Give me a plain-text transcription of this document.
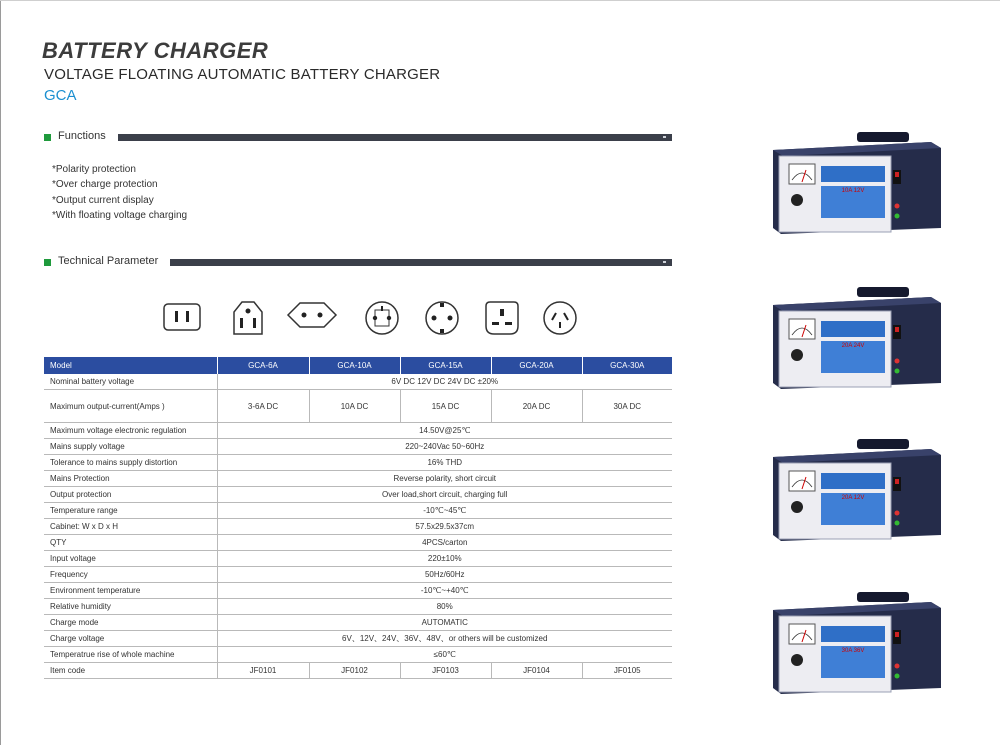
BATTERY CHARGER
VOLTAGE FLOATING AUTOMATIC BATTERY CHARGER
GCA
Functions
*Polarity protection
*Over charge protection
*Output current display
*With floating voltage charging
Technical Parameter
Model	GCA-6A	GCA-10A	GCA-15A	GCA-20A	GCA-30A
Nominal battery voltage	6V DC 12V DC 24V DC ±20%				
Maximum output-current(Amps )	3-6A DC	10A DC	15A DC	20A DC	30A DC
Maximum voltage electronic regulation	14.50V@25℃				
Mains supply voltage	220~240Vac 50~60Hz				
Tolerance to mains supply distortion	16% THD				
Mains Protection	Reverse polarity, short circuit				
Output protection	Over load,short circuit, charging full				
Temperature range	-10℃~45℃				
Cabinet: W x D x H	57.5x29.5x37cm				
QTY	4PCS/carton				
Input voltage	220±10%				
Frequency	50Hz/60Hz				
Environment temperature	-10℃~+40℃				
Relative humidity	80%				
Charge mode	AUTOMATIC				
Charge voltage	6V、12V、24V、36V、48V、or others will be customized				
Temperatrue rise of whole machine	≤60℃				
Item code	JF0101	JF0102	JF0103	JF0104	JF0105
10A 12V
20A 24V
20A 12V
30A 36V
